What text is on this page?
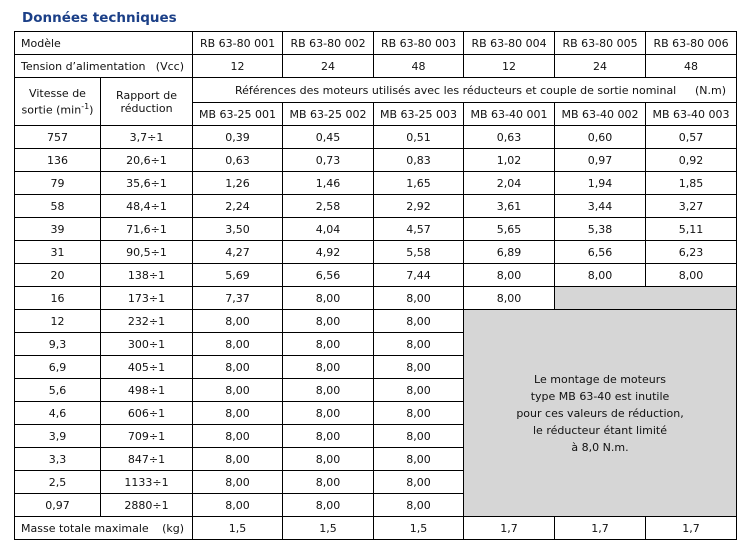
Données techniques
Modèle		RB 63-80 001	RB 63-80 002	RB 63-80 003	RB 63-80 004	RB 63-80 005	RB 63-80 006

Tension d’alimentation (Vcc)		12	24	48	12	24	48
Vitesse de sortie $(\min^{-1})$	Rapport de réduction	Références des moteurs utilisés avec les réducteurs et couple de sortie nominal (N.m)					

		MB 63-25 001	MB 63-25 002	MB 63-25 003	MB 63-40 001	MB 63-40 002	MB 63-40 003
757	3,7÷1	0,39	0,45	0,51	0,63	0,60	0,57
136	20,6÷1	0,63	0,73	0,83	1,02	0,97	0,92
79	35,6÷1	1,26	1,46	1,65	2,04	1,94	1,85
58	48,4÷1	2,24	2,58	2,92	3,61	3,44	3,27
39	71,6÷1	3,50	4,04	4,57	5,65	5,38	5,11
31	90,5÷1	4,27	4,92	5,58	6,89	6,56	6,23
20	138÷1	5,69	6,56	7,44	8,00	8,00	8,00
16	173÷1	7,37	8,00	8,00	8,00		
12	232÷1	8,00	8,00	8,00	Le montage de moteurs
type MB 63-40 est inutile
pour ces valeurs de réduction,
le réducteur étant limité
à 8,0 N.m.		

9,3	300÷1	8,00	8,00	8,00			
6,9	405÷1	8,00	8,00	8,00			
5,6	498÷1	8,00	8,00	8,00			
4,6	606÷1	8,00	8,00	8,00			
3,9	709÷1	8,00	8,00	8,00			
3,3	847÷1	8,00	8,00	8,00			
2,5	1133÷1	8,00	8,00	8,00			
0,97	2880÷1	8,00	8,00	8,00			

Masse totale maximale (kg)		1,5	1,5	1,5	1,7	1,7	1,7
